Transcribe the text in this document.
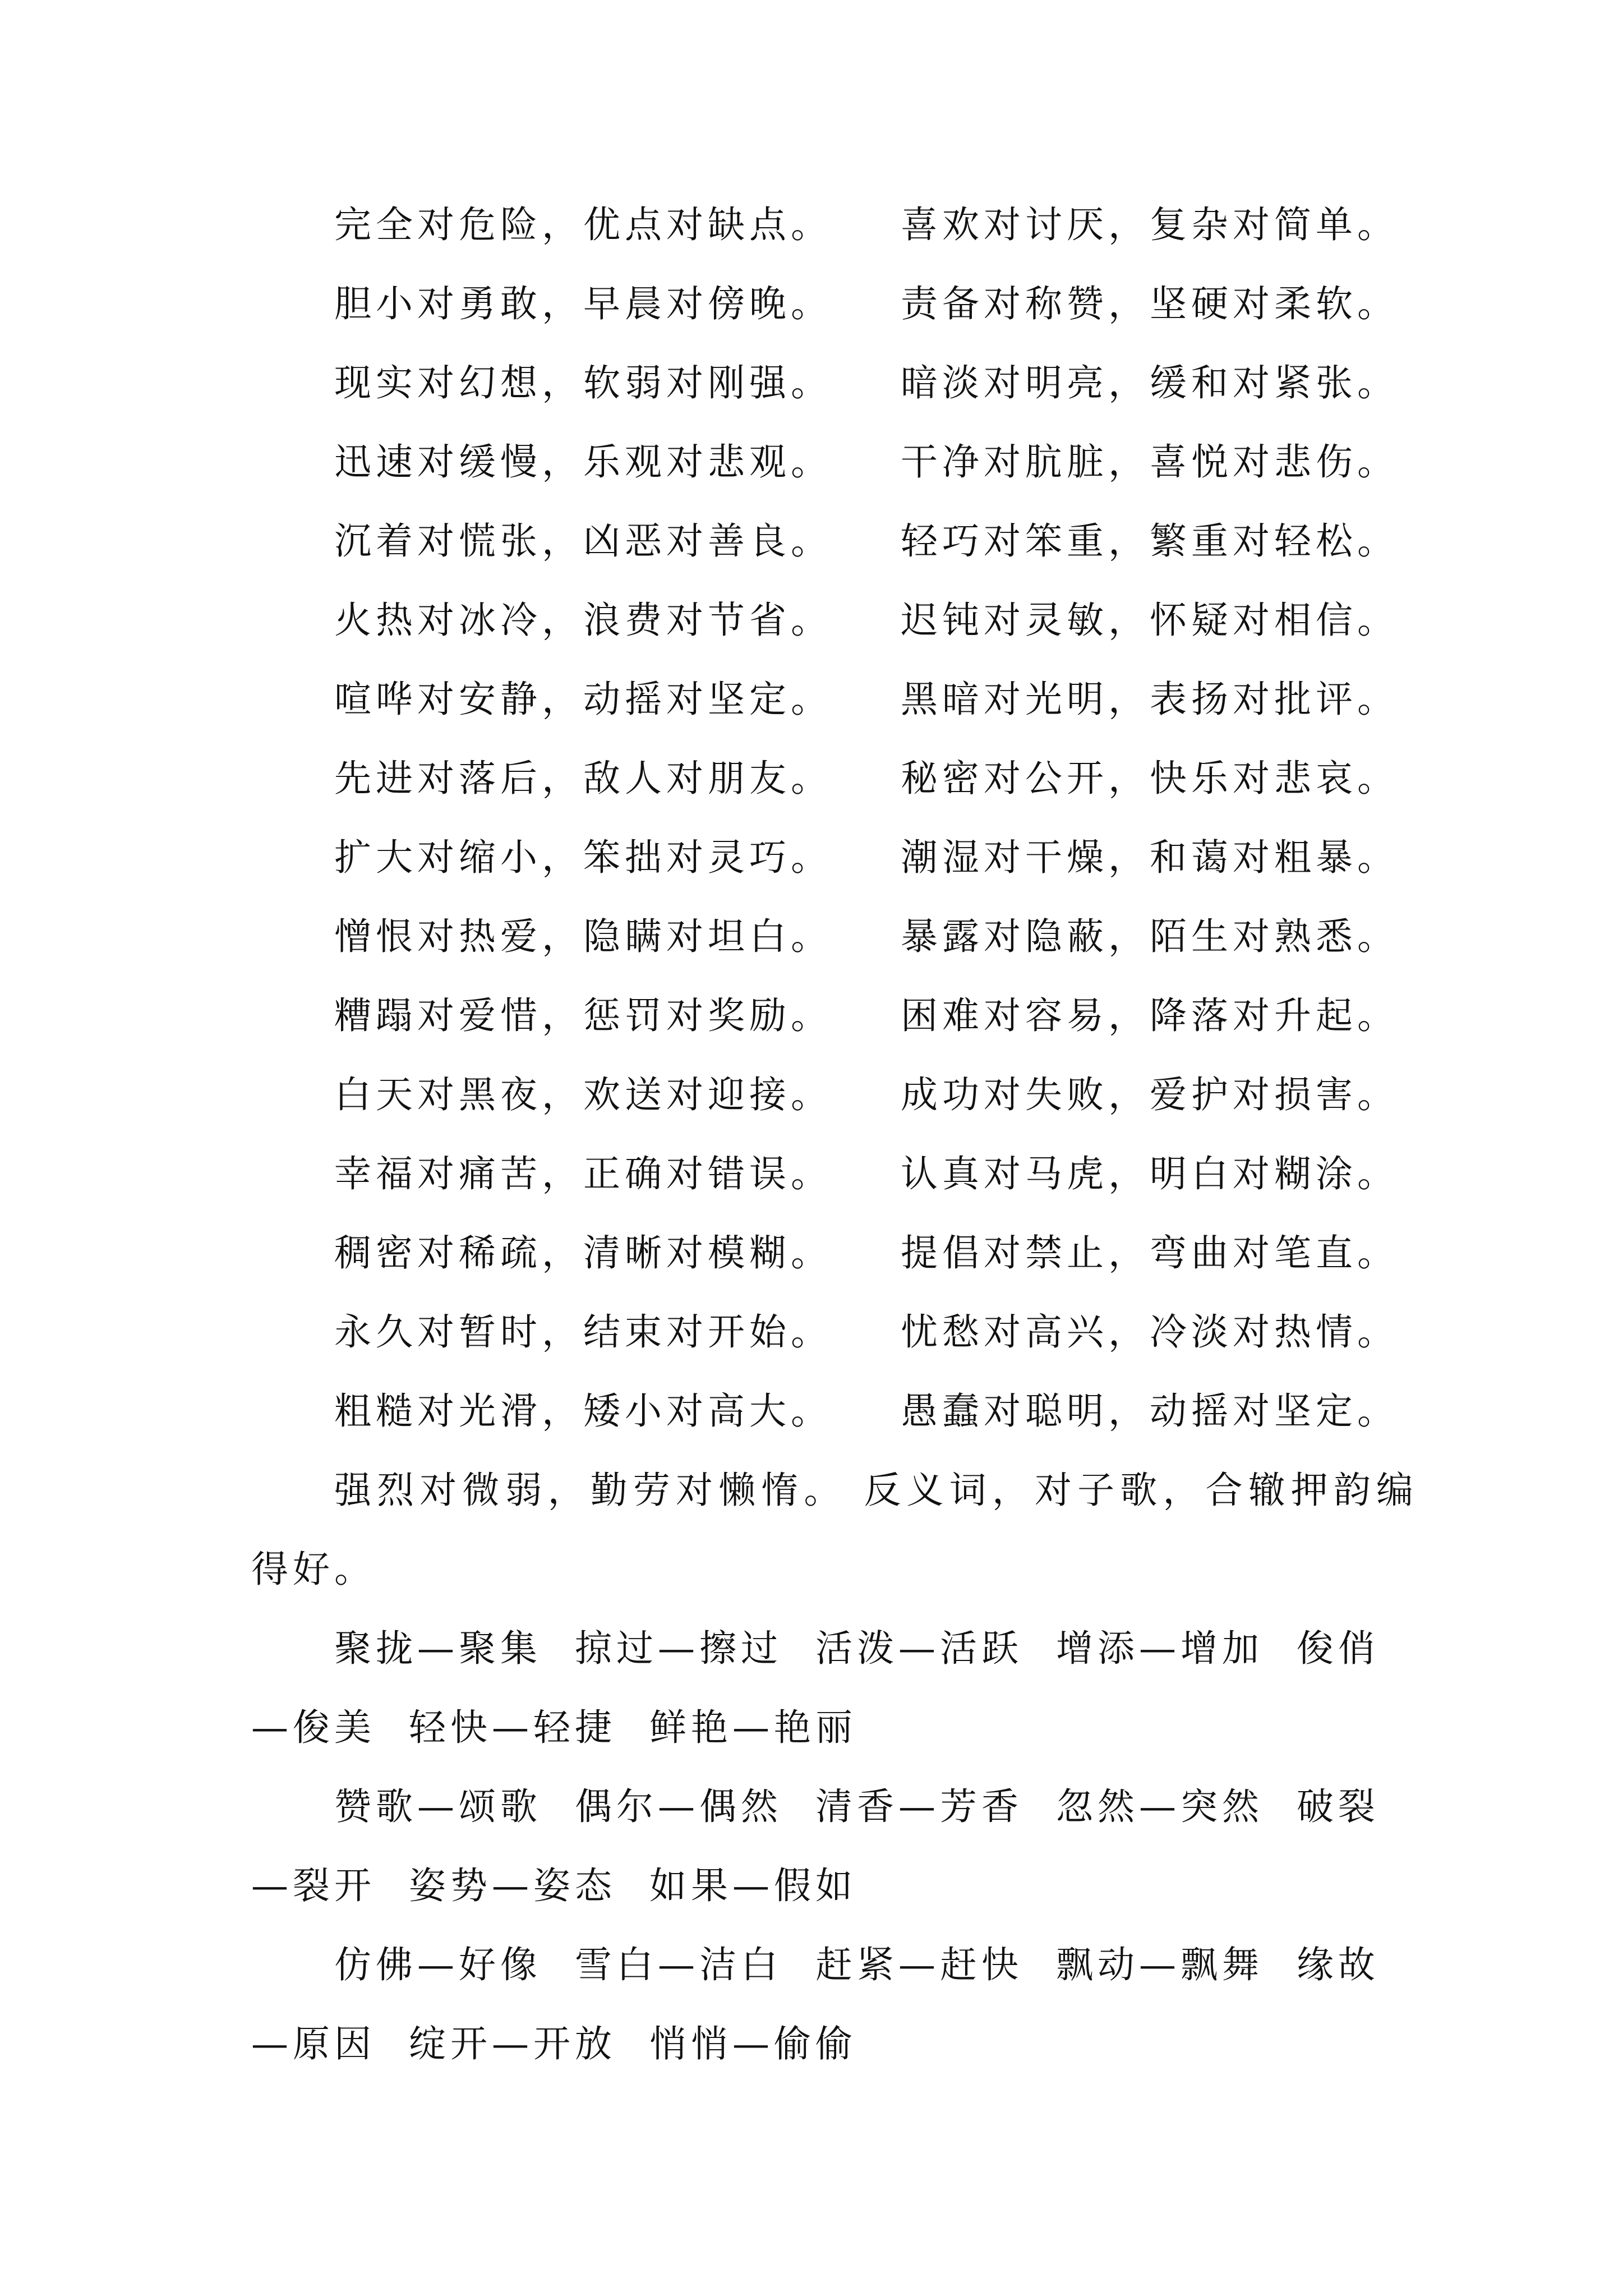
完全对危险，优点对缺点。 喜欢对讨厌，复杂对简单。
胆小对勇敢，早晨对傍晚。 责备对称赞，坚硬对柔软。
现实对幻想，软弱对刚强。 暗淡对明亮，缓和对紧张。
迅速对缓慢，乐观对悲观。 干净对肮脏，喜悦对悲伤。
沉着对慌张，凶恶对善良。 轻巧对笨重，繁重对轻松。
火热对冰冷，浪费对节省。 迟钝对灵敏，怀疑对相信。
喧哗对安静，动摇对坚定。 黑暗对光明，表扬对批评。
先进对落后，敌人对朋友。 秘密对公开，快乐对悲哀。
扩大对缩小，笨拙对灵巧。 潮湿对干燥，和蔼对粗暴。
憎恨对热爱，隐瞒对坦白。 暴露对隐蔽，陌生对熟悉。
糟蹋对爱惜，惩罚对奖励。 困难对容易，降落对升起。
白天对黑夜，欢送对迎接。 成功对失败，爱护对损害。
幸福对痛苦，正确对错误。 认真对马虎，明白对糊涂。
稠密对稀疏，清晰对模糊。 提倡对禁止，弯曲对笔直。
永久对暂时，结束对开始。 忧愁对高兴，冷淡对热情。
粗糙对光滑，矮小对高大。 愚蠢对聪明，动摇对坚定。

强烈对微弱，勤劳对懒惰。 反义词，对子歌，合辙押韵编得好。

聚拢—聚集 掠过—擦过 活泼—活跃 增添—增加 俊俏—俊美 轻快—轻捷 鲜艳—艳丽

赞歌—颂歌 偶尔—偶然 清香—芳香 忽然—突然 破裂—裂开 姿势—姿态 如果—假如

仿佛—好像 雪白—洁白 赶紧—赶快 飘动—飘舞 缘故—原因 绽开—开放 悄悄—偷偷
